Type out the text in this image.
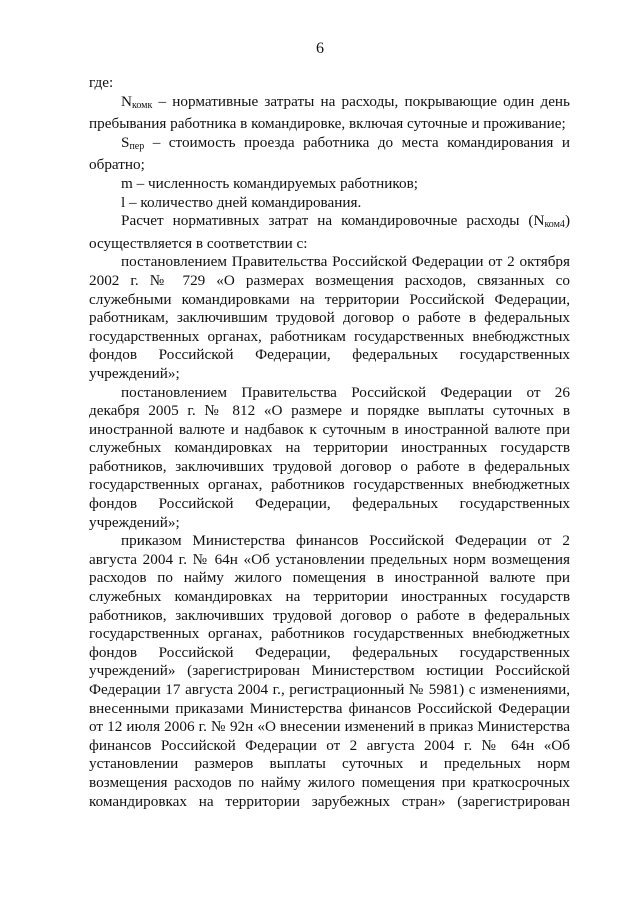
6

где:

$N_{комк}$ – нормативные затраты на расходы, покрывающие один день пребывания работника в командировке, включая суточные и проживание;

$S_{пер}$ – стоимость проезда работника до места командирования и обратно;

m – численность командируемых работников;

l – количество дней командирования.

Расчет нормативных затрат на командировочные расходы $(N_{ком4})$ осуществляется в соответствии с:

постановлением Правительства Российской Федерации от 2 октября 2002 г. № 729 «О размерах возмещения расходов, связанных со служебными командировками на территории Российской Федерации, работникам, заключившим трудовой договор о работе в федеральных государственных органах, работникам государственных внебюджстных фондов Российской Федерации, федеральных государственных учреждений»;

постановлением Правительства Российской Федерации от 26 декабря 2005 г. № 812 «О размере и порядке выплаты суточных в иностранной валюте и надбавок к суточным в иностранной валюте при служебных командировках на территории иностранных государств работников, заключивших трудовой договор о работе в федеральных государственных органах, работников государственных внебюджетных фондов Российской Федерации, федеральных государственных учреждений»;

приказом Министерства финансов Российской Федерации от 2 августа 2004 г. № 64н «Об установлении предельных норм возмещения расходов по найму жилого помещения в иностранной валюте при служебных командировках на территории иностранных государств работников, заключивших трудовой договор о работе в федеральных государственных органах, работников государственных внебюджетных фондов Российской Федерации, федеральных государственных учреждений» (зарегистрирован Министерством юстиции Российской Федерации 17 августа 2004 г., регистрационный № 5981) с изменениями, внесенными приказами Министерства финансов Российской Федерации от 12 июля 2006 г. № 92н «О внесении изменений в приказ Министерства финансов Российской Федерации от 2 августа 2004 г. № 64н «Об установлении размеров выплаты суточных и предельных норм возмещения расходов по найму жилого помещения при краткосрочных командировках на территории зарубежных стран» (зарегистрирован
